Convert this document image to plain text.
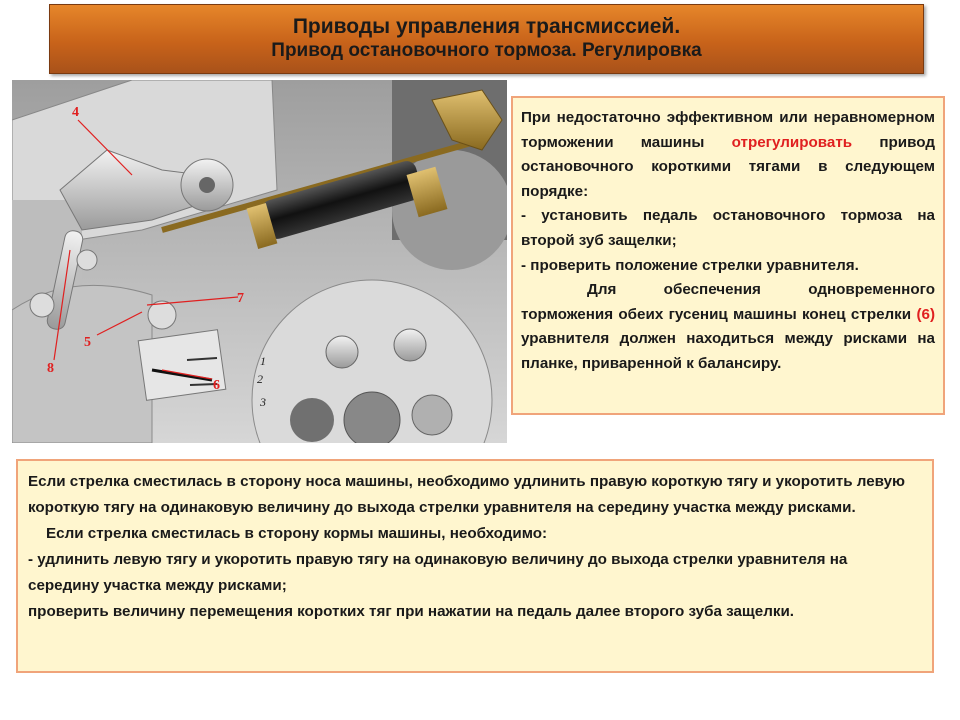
Приводы управления трансмиссией.
Привод остановочного тормоза. Регулировка
1
2
3
4
7
5
8
6

При недостаточно эффективном или неравномерном торможении машины отрегулировать привод остановочного короткими тягами в следующем порядке:

- установить педаль остановочного тормоза на второй зуб защелки;

- проверить положение стрелки уравнителя.

Для обеспечения одновременного торможения обеих гусениц машины конец стрелки (6) уравнителя должен находиться между рисками на планке, приваренной к балансиру.

Если стрелка сместилась в сторону носа машины, необходимо удлинить правую короткую тягу и укоротить левую короткую тягу на одинаковую величину до выхода стрелки уравнителя на середину участка между рисками.

Если стрелка сместилась в сторону кормы машины, необходимо:

- удлинить левую тягу и укоротить правую тягу на одинаковую величину до выхода стрелки уравнителя на середину участка между рисками;

проверить величину перемещения коротких тяг при нажатии на педаль далее второго зуба защелки.
